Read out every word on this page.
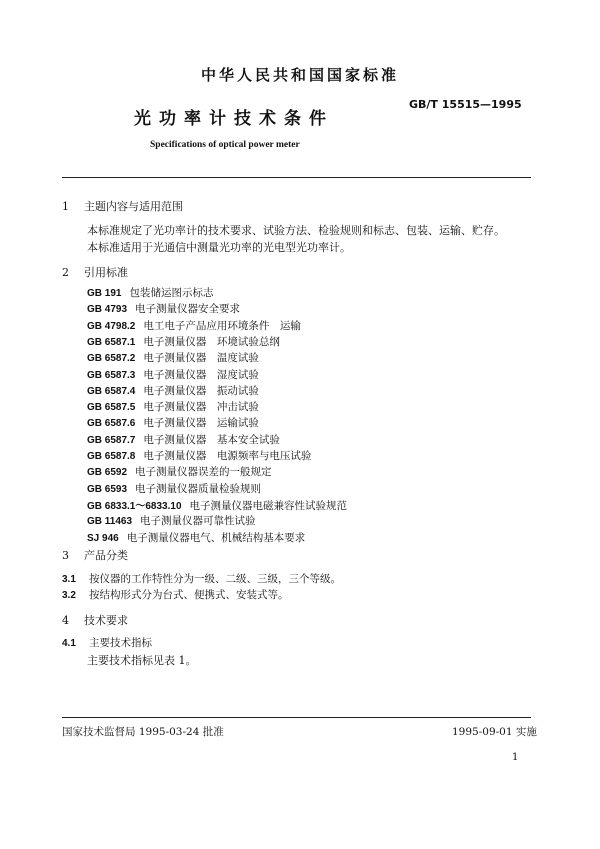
中华人民共和国国家标准
GB/T 15515—1995
光功率计技术条件
Specifications of optical power meter
1 主题内容与适用范围
本标准规定了光功率计的技术要求、试验方法、检验规则和标志、包装、运输、贮存。
本标准适用于光通信中测量光功率的光电型光功率计。
2 引用标准
GB 191 包装储运图示标志
GB 4793 电子测量仪器安全要求
GB 4798.2 电工电子产品应用环境条件　运输
GB 6587.1 电子测量仪器　环境试验总纲
GB 6587.2 电子测量仪器　温度试验
GB 6587.3 电子测量仪器　湿度试验
GB 6587.4 电子测量仪器　振动试验
GB 6587.5 电子测量仪器　冲击试验
GB 6587.6 电子测量仪器　运输试验
GB 6587.7 电子测量仪器　基本安全试验
GB 6587.8 电子测量仪器　电源频率与电压试验
GB 6592 电子测量仪器误差的一般规定
GB 6593 电子测量仪器质量检验规则
GB 6833.1～6833.10 电子测量仪器电磁兼容性试验规范
GB 11463 电子测量仪器可靠性试验
SJ 946 电子测量仪器电气、机械结构基本要求
3 产品分类
3.1 按仪器的工作特性分为一级、二级、三级，三个等级。
3.2 按结构形式分为台式、便携式、安装式等。
4 技术要求
4.1 主要技术指标
主要技术指标见表 1。
国家技术监督局 1995-03-24 批准	1995-09-01 实施
1
